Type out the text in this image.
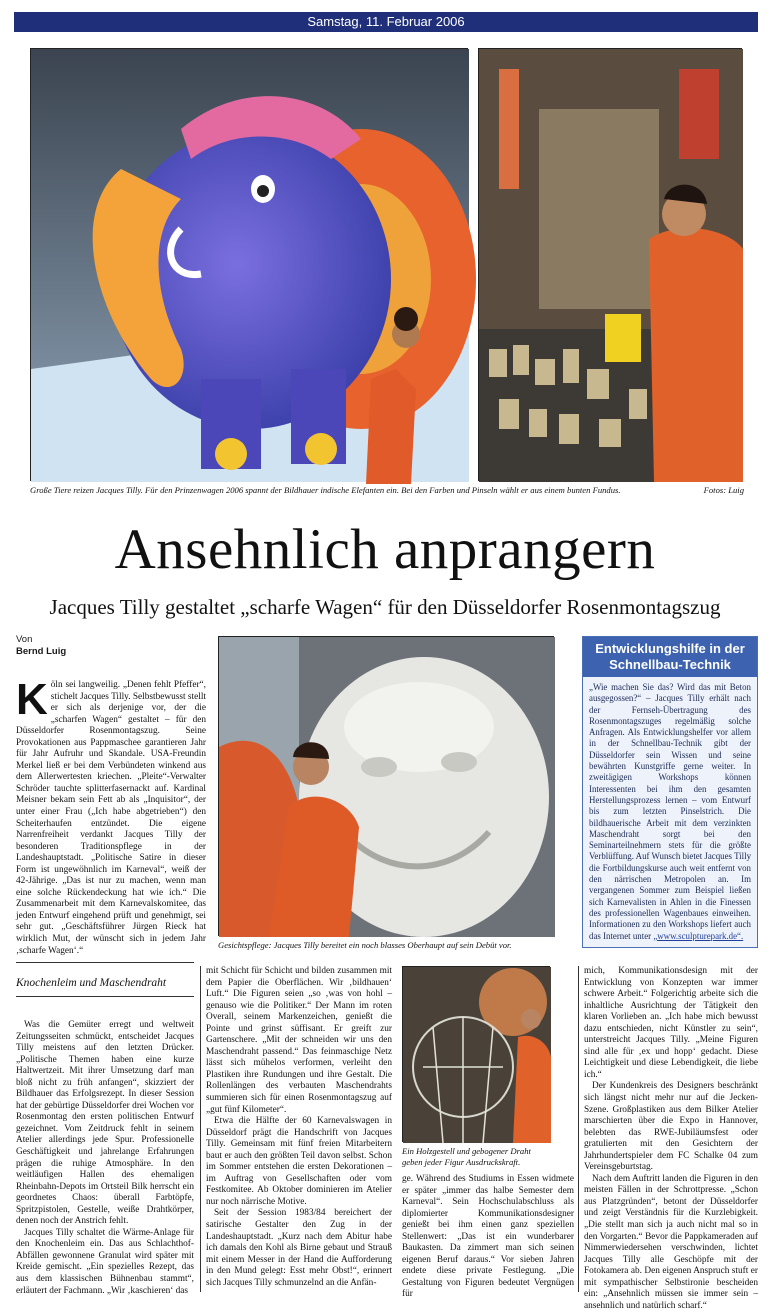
Samstag, 11. Februar 2006
Große Tiere reizen Jacques Tilly. Für den Prinzenwagen 2006 spannt der Bildhauer indische Elefanten ein. Bei den Farben und Pinseln wählt er aus einem bunten Fundus.	Fotos: Luig
Ansehnlich anprangern
Jacques Tilly gestaltet „scharfe Wagen“ für den Düsseldorfer Rosenmontagszug
Von
Bernd Luig
K öln sei langweilig. „Denen fehlt Pfeffer“, stichelt Jacques Tilly. Selbstbewusst stellt er sich als derjenige vor, der die „scharfen Wagen“ gestaltet – für den Düsseldorfer Rosenmontagszug. Seine Provokationen aus Pappmaschee garantieren Jahr für Jahr Aufruhr und Skandale. USA-Freundin Merkel ließ er bei dem Verbündeten winkend aus dem Allerwertesten kriechen. „Pleite“-Verwalter Schröder tauchte splitterfasernackt auf. Kardinal Meisner bekam sein Fett ab als „Inquisitor“, der unter einer Frau („Ich habe abgetrieben“) den Scheiterhaufen entzündet. Die eigene Narrenfreiheit verdankt Jacques Tilly der besonderen Traditionspflege in der Landeshauptstadt. „Politische Satire in dieser Form ist ungewöhnlich im Karneval“, weiß der 42-Jährige. „Das ist nur zu machen, wenn man eine solche Rückendeckung hat wie ich.“ Die Zusammenarbeit mit dem Karnevalskomitee, das jeden Entwurf eingehend prüft und genehmigt, sei sehr gut. „Geschäftsführer Jürgen Rieck hat wirklich Mut, der wünscht sich in jedem Jahr ‚scharfe Wagen‘.“
Gesichtspflege: Jacques Tilly bereitet ein noch blasses Oberhaupt auf sein Debüt vor.
Entwicklungshilfe in der Schnellbau-Technik
„Wie machen Sie das? Wird das mit Beton ausgegossen?“ – Jacques Tilly erhält nach der Fernseh-Übertragung des Rosenmontagszuges regelmäßig solche Anfragen. Als Entwicklungshelfer vor allem in der Schnellbau-Technik gibt der Düsseldorfer sein Wissen und seine bewährten Kunstgriffe gerne weiter. In zweitägigen Workshops können Interessenten bei ihm den gesamten Herstellungsprozess lernen – vom Entwurf bis zum letzten Pinselstrich. Die bildhauerische Arbeit mit dem verzinkten Maschendraht sorgt bei den Seminarteilnehmern stets für die größte Verblüffung. Auf Wunsch bietet Jacques Tilly die Fortbildungskurse auch weit entfernt von den närrischen Metropolen an. Im vergangenen Sommer zum Beispiel ließen sich Karnevalisten in Ahlen in die Finessen des professionellen Wagenbaues einweihen. Informationen zu den Workshops liefert auch das Internet unter „www.sculpturepark.de“.
Knochenleim und Maschendraht

Was die Gemüter erregt und weltweit Zeitungsseiten schmückt, entscheidet Jacques Tilly meistens auf den letzten Drücker. „Politische Themen haben eine kurze Haltwertzeit. Mit ihrer Umsetzung darf man bloß nicht zu früh anfangen“, skizziert der Bildhauer das Erfolgsrezept. In dieser Session hat der gebürtige Düsseldorfer drei Wochen vor Rosenmontag den ersten politischen Entwurf gezeichnet. Vom Zeitdruck fehlt in seinem Atelier allerdings jede Spur. Professionelle Geschäftigkeit und jahrelange Erfahrungen prägen die ruhige Atmosphäre. In den weitläufigen Hallen des ehemaligen Rheinbahn-Depots im Ortsteil Bilk herrscht ein geordnetes Chaos: überall Farbtöpfe, Spritzpistolen, Gestelle, weiße Drahtkörper, denen noch der Anstrich fehlt.

Jacques Tilly schaltet die Wärme-Anlage für den Knochenleim ein. Das aus Schlachthof-Abfällen gewonnene Granulat wird später mit Kreide gemischt. „Ein spezielles Rezept, das aus dem klassischen Bühnenbau stammt“, erläutert der Fachmann. „Wir ‚kaschieren‘ das

mit Schicht für Schicht und bilden zusammen mit dem Papier die Oberflächen. Wir ‚bildhauen‘ Luft.“ Die Figuren seien „so ‚was von hohl – genauso wie die Politiker.“ Der Mann im roten Overall, seinem Markenzeichen, genießt die Pointe und grinst süffisant. Er greift zur Gartenschere. „Mit der schneiden wir uns den Maschendraht passend.“ Das feinmaschige Netz lässt sich mühelos verformen, verleiht den Plastiken ihre Rundungen und ihre Gestalt. Die Rollenlängen des verbauten Maschendrahts summieren sich für einen Rosenmontagszug auf „gut fünf Kilometer“.

Etwa die Hälfte der 60 Karnevalswagen in Düsseldorf prägt die Handschrift von Jacques Tilly. Gemeinsam mit fünf freien Mitarbeitern baut er auch den größten Teil davon selbst. Schon im Sommer entstehen die ersten Dekorationen – im Auftrag von Gesellschaften oder vom Festkomitee. Ab Oktober dominieren im Atelier nur noch närrische Motive.

Seit der Session 1983/84 bereichert der satirische Gestalter den Zug in der Landeshauptstadt. „Kurz nach dem Abitur habe ich damals den Kohl als Birne gebaut und Strauß mit einem Messer in der Hand die Aufforderung in den Mund gelegt: Esst mehr Obst!“, erinnert sich Jacques Tilly schmunzelnd an die Anfän-

Ein Holzgestell und gebogener Draht geben jeder Figur Ausdruckskraft.

ge. Während des Studiums in Essen widmete er später „immer das halbe Semester dem Karneval“. Sein Hochschulabschluss als diplomierter Kommunikationsdesigner genießt bei ihm einen ganz speziellen Stellenwert: „Das ist ein wunderbarer Baukasten. Da zimmert man sich seinen eigenen Beruf daraus.“ Vor sieben Jahren endete diese private Festlegung. „Die Gestaltung von Figuren bedeutet Vergnügen für

mich, Kommunikationsdesign mit der Entwicklung von Konzepten war immer schwere Arbeit.“ Folgerichtig arbeite sich die inhaltliche Ausrichtung der Tätigkeit den klaren Vorlieben an. „Ich habe mich bewusst dazu entschieden, nicht Künstler zu sein“, unterstreicht Jacques Tilly. „Meine Figuren sind alle für ‚ex und hopp‘ gedacht. Diese Leichtigkeit und diese Lebendigkeit, die liebe ich.“

Der Kundenkreis des Designers beschränkt sich längst nicht mehr nur auf die Jecken-Szene. Großplastiken aus dem Bilker Atelier marschierten über die Expo in Hannover, belebten das RWE-Jubiläumsfest oder gratulierten mit den Gesichtern der Jahrhundertspieler dem FC Schalke 04 zum Vereinsgeburtstag.

Nach dem Auftritt landen die Figuren in den meisten Fällen in der Schrottpresse. „Schon aus Platzgründen“, betont der Düsseldorfer und zeigt Verständnis für die Kurzlebigkeit. „Die stellt man sich ja auch nicht mal so in den Vorgarten.“ Bevor die Pappkameraden auf Nimmerwiedersehen verschwinden, lichtet Jacques Tilly alle Geschöpfe mit der Fotokamera ab. Den eigenen Anspruch stuft er mit sympathischer Selbstironie bescheiden ein: „Ansehnlich müssen sie immer sein – ansehnlich und natürlich scharf.“
